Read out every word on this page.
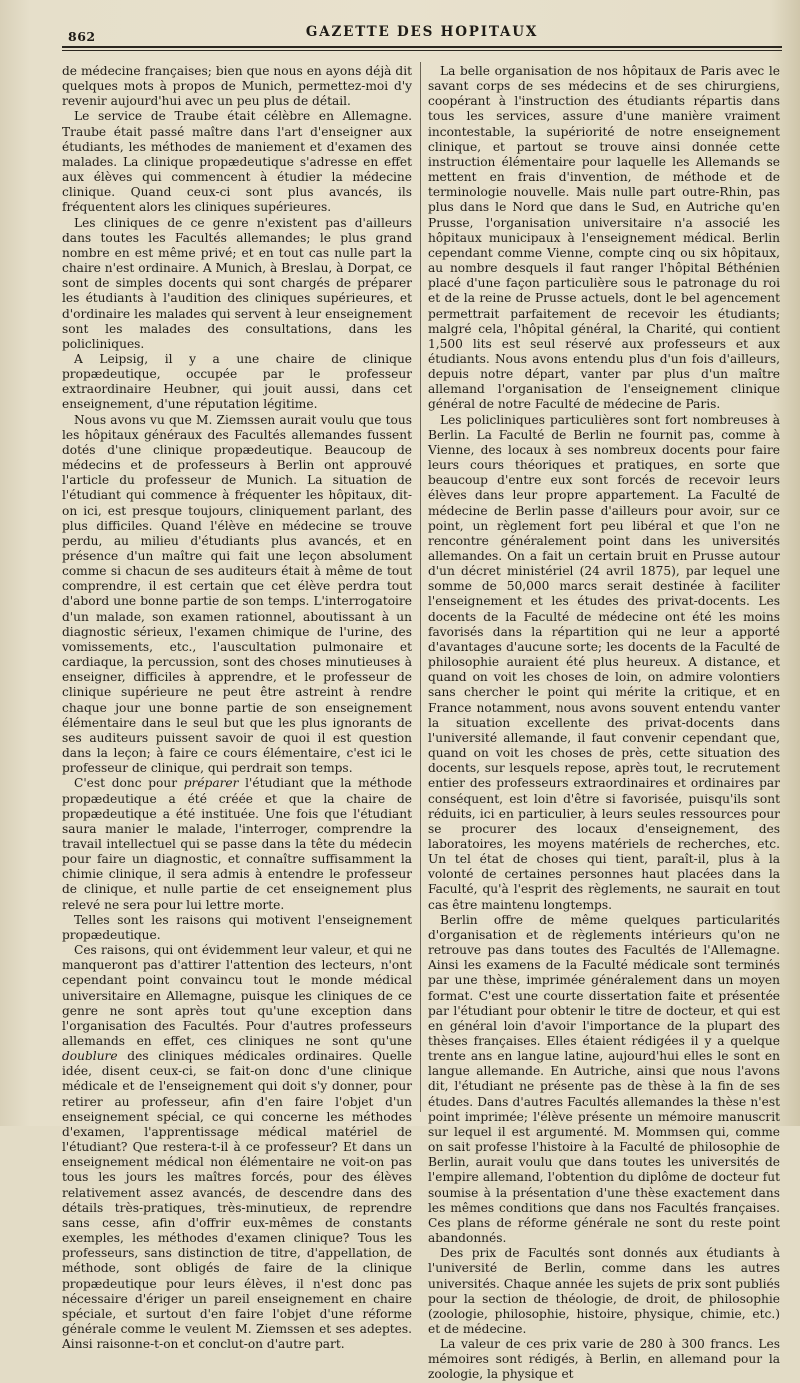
862	GAZETTE DES HOPITAUX

de médecine françaises; bien que nous en ayons déjà dit quelques mots à propos de Munich, permettez-moi d'y revenir aujourd'hui avec un peu plus de détail.

Le service de Traube était célèbre en Allemagne. Traube était passé maître dans l'art d'enseigner aux étudiants, les méthodes de maniement et d'examen des malades. La clinique propædeutique s'adresse en effet aux élèves qui commencent à étudier la médecine clinique. Quand ceux-ci sont plus avancés, ils fréquentent alors les cliniques supérieures.

Les cliniques de ce genre n'existent pas d'ailleurs dans toutes les Facultés allemandes; le plus grand nombre en est même privé; et en tout cas nulle part la chaire n'est ordinaire. A Munich, à Breslau, à Dorpat, ce sont de simples docents qui sont chargés de préparer les étudiants à l'audition des cliniques supérieures, et d'ordinaire les malades qui servent à leur enseignement sont les malades des consultations, dans les policliniques.

A Leipsig, il y a une chaire de clinique propædeutique, occupée par le professeur extraordinaire Heubner, qui jouit aussi, dans cet enseignement, d'une réputation légitime.

Nous avons vu que M. Ziemssen aurait voulu que tous les hôpitaux généraux des Facultés allemandes fussent dotés d'une clinique propædeutique. Beaucoup de médecins et de professeurs à Berlin ont approuvé l'article du professeur de Munich. La situation de l'étudiant qui commence à fréquenter les hôpitaux, dit-on ici, est presque toujours, cliniquement parlant, des plus difficiles. Quand l'élève en médecine se trouve perdu, au milieu d'étudiants plus avancés, et en présence d'un maître qui fait une leçon absolument comme si chacun de ses auditeurs était à même de tout comprendre, il est certain que cet élève perdra tout d'abord une bonne partie de son temps. L'interrogatoire d'un malade, son examen rationnel, aboutissant à un diagnostic sérieux, l'examen chimique de l'urine, des vomissements, etc., l'auscultation pulmonaire et cardiaque, la percussion, sont des choses minutieuses à enseigner, difficiles à apprendre, et le professeur de clinique supérieure ne peut être astreint à rendre chaque jour une bonne partie de son enseignement élémentaire dans le seul but que les plus ignorants de ses auditeurs puissent savoir de quoi il est question dans la leçon; à faire ce cours élémentaire, c'est ici le professeur de clinique, qui perdrait son temps.

C'est donc pour préparer l'étudiant que la méthode propædeutique a été créée et que la chaire de propædeutique a été instituée. Une fois que l'étudiant saura manier le malade, l'interroger, comprendre la travail intellectuel qui se passe dans la tête du médecin pour faire un diagnostic, et connaître suffisamment la chimie clinique, il sera admis à entendre le professeur de clinique, et nulle partie de cet enseignement plus relevé ne sera pour lui lettre morte.

Telles sont les raisons qui motivent l'enseignement propædeutique.

Ces raisons, qui ont évidemment leur valeur, et qui ne manqueront pas d'attirer l'attention des lecteurs, n'ont cependant point convaincu tout le monde médical universitaire en Allemagne, puisque les cliniques de ce genre ne sont après tout qu'une exception dans l'organisation des Facultés. Pour d'autres professeurs allemands en effet, ces cliniques ne sont qu'une doublure des cliniques médicales ordinaires. Quelle idée, disent ceux-ci, se fait-on donc d'une clinique médicale et de l'enseignement qui doit s'y donner, pour retirer au professeur, afin d'en faire l'objet d'un enseignement spécial, ce qui concerne les méthodes d'examen, l'apprentissage médical matériel de l'étudiant? Que restera-t-il à ce professeur? Et dans un enseignement médical non élémentaire ne voit-on pas tous les jours les maîtres forcés, pour des élèves relativement assez avancés, de descendre dans des détails très-pratiques, très-minutieux, de reprendre sans cesse, afin d'offrir eux-mêmes de constants exemples, les méthodes d'examen clinique? Tous les professeurs, sans distinction de titre, d'appellation, de méthode, sont obligés de faire de la clinique propædeutique pour leurs élèves, il n'est donc pas nécessaire d'ériger un pareil enseignement en chaire spéciale, et surtout d'en faire l'objet d'une réforme générale comme le veulent M. Ziemssen et ses adeptes. Ainsi raisonne-t-on et conclut-on d'autre part.

La belle organisation de nos hôpitaux de Paris avec le savant corps de ses médecins et de ses chirurgiens, coopérant à l'instruction des étudiants répartis dans tous les services, assure d'une manière vraiment incontestable, la supériorité de notre enseignement clinique, et partout se trouve ainsi donnée cette instruction élémentaire pour laquelle les Allemands se mettent en frais d'invention, de méthode et de terminologie nouvelle. Mais nulle part outre-Rhin, pas plus dans le Nord que dans le Sud, en Autriche qu'en Prusse, l'organisation universitaire n'a associé les hôpitaux municipaux à l'enseignement médical. Berlin cependant comme Vienne, compte cinq ou six hôpitaux, au nombre desquels il faut ranger l'hôpital Béthénien placé d'une façon particulière sous le patronage du roi et de la reine de Prusse actuels, dont le bel agencement permettrait parfaitement de recevoir les étudiants; malgré cela, l'hôpital général, la Charité, qui contient 1,500 lits est seul réservé aux professeurs et aux étudiants. Nous avons entendu plus d'un fois d'ailleurs, depuis notre départ, vanter par plus d'un maître allemand l'organisation de l'enseignement clinique général de notre Faculté de médecine de Paris.

Les policliniques particulières sont fort nombreuses à Berlin. La Faculté de Berlin ne fournit pas, comme à Vienne, des locaux à ses nombreux docents pour faire leurs cours théoriques et pratiques, en sorte que beaucoup d'entre eux sont forcés de recevoir leurs élèves dans leur propre appartement. La Faculté de médecine de Berlin passe d'ailleurs pour avoir, sur ce point, un règlement fort peu libéral et que l'on ne rencontre généralement point dans les universités allemandes. On a fait un certain bruit en Prusse autour d'un décret ministériel (24 avril 1875), par lequel une somme de 50,000 marcs serait destinée à faciliter l'enseignement et les études des privat-docents. Les docents de la Faculté de médecine ont été les moins favorisés dans la répartition qui ne leur a apporté d'avantages d'aucune sorte; les docents de la Faculté de philosophie auraient été plus heureux. A distance, et quand on voit les choses de loin, on admire volontiers sans chercher le point qui mérite la critique, et en France notamment, nous avons souvent entendu vanter la situation excellente des privat-docents dans l'université allemande, il faut convenir cependant que, quand on voit les choses de près, cette situation des docents, sur lesquels repose, après tout, le recrutement entier des professeurs extraordinaires et ordinaires par conséquent, est loin d'être si favorisée, puisqu'ils sont réduits, ici en particulier, à leurs seules ressources pour se procurer des locaux d'enseignement, des laboratoires, les moyens matériels de recherches, etc. Un tel état de choses qui tient, paraît-il, plus à la volonté de certaines personnes haut placées dans la Faculté, qu'à l'esprit des règlements, ne saurait en tout cas être maintenu longtemps.

Berlin offre de même quelques particularités d'organisation et de règlements intérieurs qu'on ne retrouve pas dans toutes des Facultés de l'Allemagne. Ainsi les examens de la Faculté médicale sont terminés par une thèse, imprimée généralement dans un moyen format. C'est une courte dissertation faite et présentée par l'étudiant pour obtenir le titre de docteur, et qui est en général loin d'avoir l'importance de la plupart des thèses françaises. Elles étaient rédigées il y a quelque trente ans en langue latine, aujourd'hui elles le sont en langue allemande. En Autriche, ainsi que nous l'avons dit, l'étudiant ne présente pas de thèse à la fin de ses études. Dans d'autres Facultés allemandes la thèse n'est point imprimée; l'élève présente un mémoire manuscrit sur lequel il est argumenté. M. Mommsen qui, comme on sait professe l'histoire à la Faculté de philosophie de Berlin, aurait voulu que dans toutes les universités de l'empire allemand, l'obtention du diplôme de docteur fut soumise à la présentation d'une thèse exactement dans les mêmes conditions que dans nos Facultés françaises. Ces plans de réforme générale ne sont du reste point abandonnés.

Des prix de Facultés sont donnés aux étudiants à l'université de Berlin, comme dans les autres universités. Chaque année les sujets de prix sont publiés pour la section de théologie, de droit, de philosophie (zoologie, philosophie, histoire, physique, chimie, etc.) et de médecine.

La valeur de ces prix varie de 280 à 300 francs. Les mémoires sont rédigés, à Berlin, en allemand pour la zoologie, la physique et
